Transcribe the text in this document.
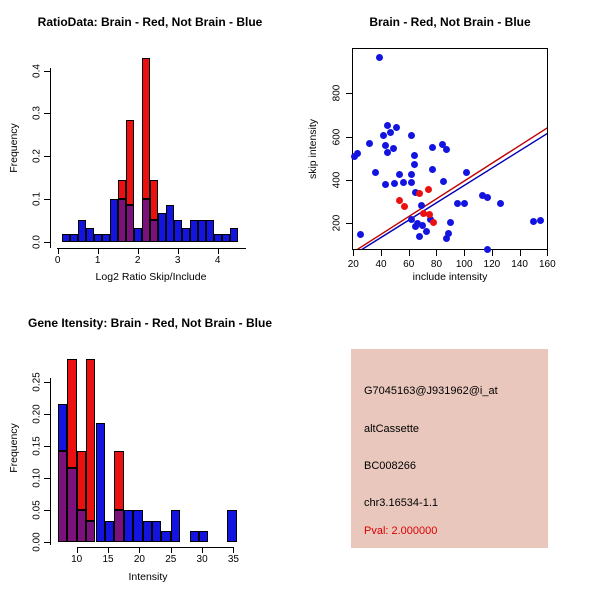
RatioData: Brain - Red, Not Brain - Blue
Log2 Ratio Skip/Include
Frequency
0	1	2	3	4
0.0
0.1
0.2
0.3
0.4
Brain - Red, Not Brain - Blue
include intensity
skip intensity
20	40	60	80	100	120	140	160
200
400
600
800
Gene Itensity: Brain - Red, Not Brain - Blue
Intensity
Frequency
10	15	20	25	30	35
0.00
0.05
0.10
0.15
0.20
0.25	G7045163@J931962@i_at
altCassette
BC008266
chr3.16534-1.1
Pval: 2.000000
